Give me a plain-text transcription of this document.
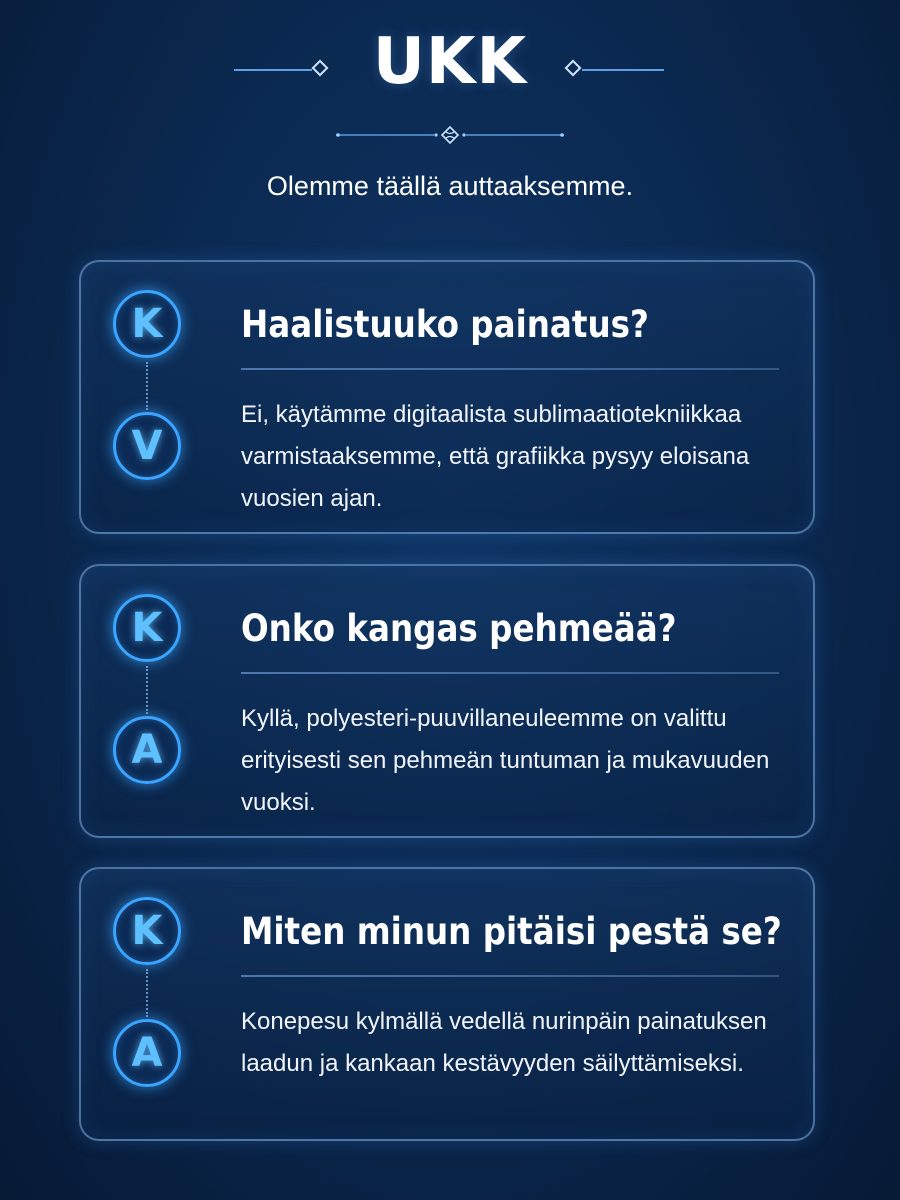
UKK
Olemme täällä auttaaksemme.
K
V
Haalistuuko painatus?
Ei, käytämme digitaalista sublimaatiotekniikkaa varmistaaksemme, että grafiikka pysyy eloisana vuosien ajan.
K
A
Onko kangas pehmeää?
Kyllä, polyesteri-puuvillaneuleemme on valittu erityisesti sen pehmeän tuntuman ja mukavuuden vuoksi.
K
A
Miten minun pitäisi pestä se?
Konepesu kylmällä vedellä nurinpäin painatuksen laadun ja kankaan kestävyyden säilyttämiseksi.
